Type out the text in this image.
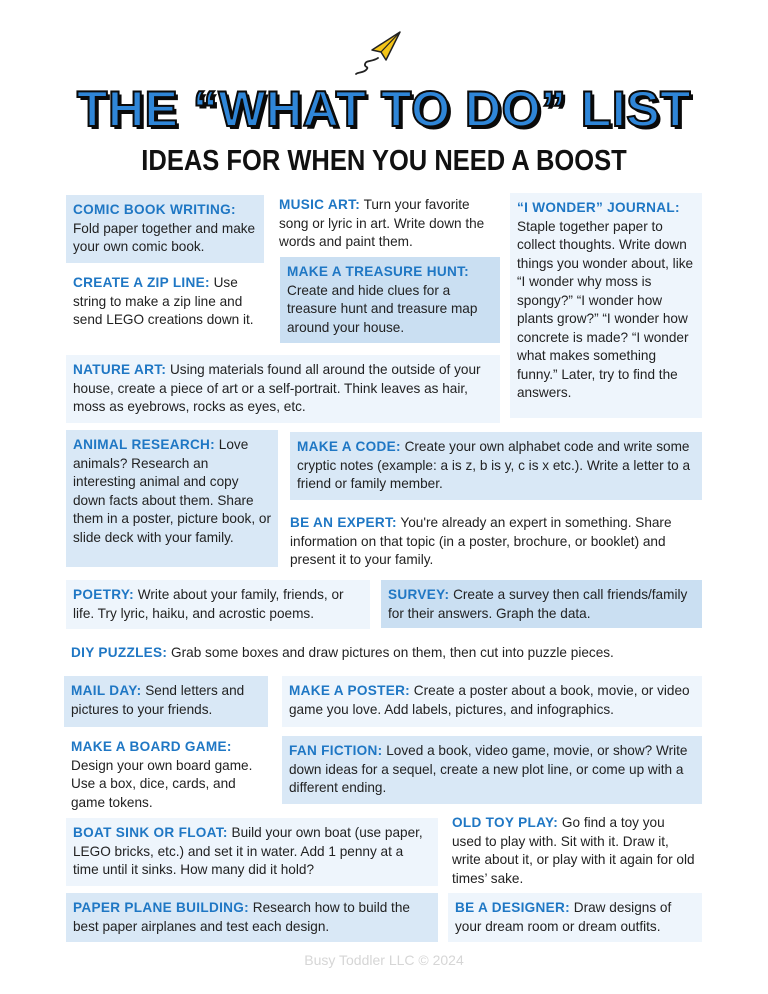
THE “WHAT TO DO” LIST
IDEAS FOR WHEN YOU NEED A BOOST
COMIC BOOK WRITING: Fold paper together and make your own comic book.
MUSIC ART: Turn your favorite song or lyric in art. Write down the words and paint them.
CREATE A ZIP LINE: Use string to make a zip line and send LEGO creations down it.
MAKE A TREASURE HUNT: Create and hide clues for a treasure hunt and treasure map around your house.
“I WONDER” JOURNAL: Staple together paper to collect thoughts. Write down things you wonder about, like “I wonder why moss is spongy?” “I wonder how plants grow?” “I wonder how concrete is made? “I wonder what makes something funny.” Later, try to find the answers.
NATURE ART: Using materials found all around the outside of your house, create a piece of art or a self-portrait. Think leaves as hair, moss as eyebrows, rocks as eyes, etc.
ANIMAL RESEARCH: Love animals? Research an interesting animal and copy down facts about them. Share them in a poster, picture book, or slide deck with your family.
MAKE A CODE: Create your own alphabet code and write some cryptic notes (example: a is z, b is y, c is x etc.). Write a letter to a friend or family member.
BE AN EXPERT: You're already an expert in something. Share information on that topic (in a poster, brochure, or booklet) and present it to your family.
POETRY: Write about your family, friends, or life. Try lyric, haiku, and acrostic poems.
SURVEY: Create a survey then call friends/family for their answers. Graph the data.
DIY PUZZLES: Grab some boxes and draw pictures on them, then cut into puzzle pieces.
MAIL DAY: Send letters and pictures to your friends.
MAKE A POSTER: Create a poster about a book, movie, or video game you love. Add labels, pictures, and infographics.
MAKE A BOARD GAME: Design your own board game. Use a box, dice, cards, and game tokens.
FAN FICTION: Loved a book, video game, movie, or show? Write down ideas for a sequel, create a new plot line, or come up with a different ending.
BOAT SINK OR FLOAT: Build your own boat (use paper, LEGO bricks, etc.) and set it in water. Add 1 penny at a time until it sinks. How many did it hold?
OLD TOY PLAY: Go find a toy you used to play with. Sit with it. Draw it, write about it, or play with it again for old times’ sake.
PAPER PLANE BUILDING: Research how to build the best paper airplanes and test each design.
BE A DESIGNER: Draw designs of your dream room or dream outfits.
Busy Toddler LLC © 2024
